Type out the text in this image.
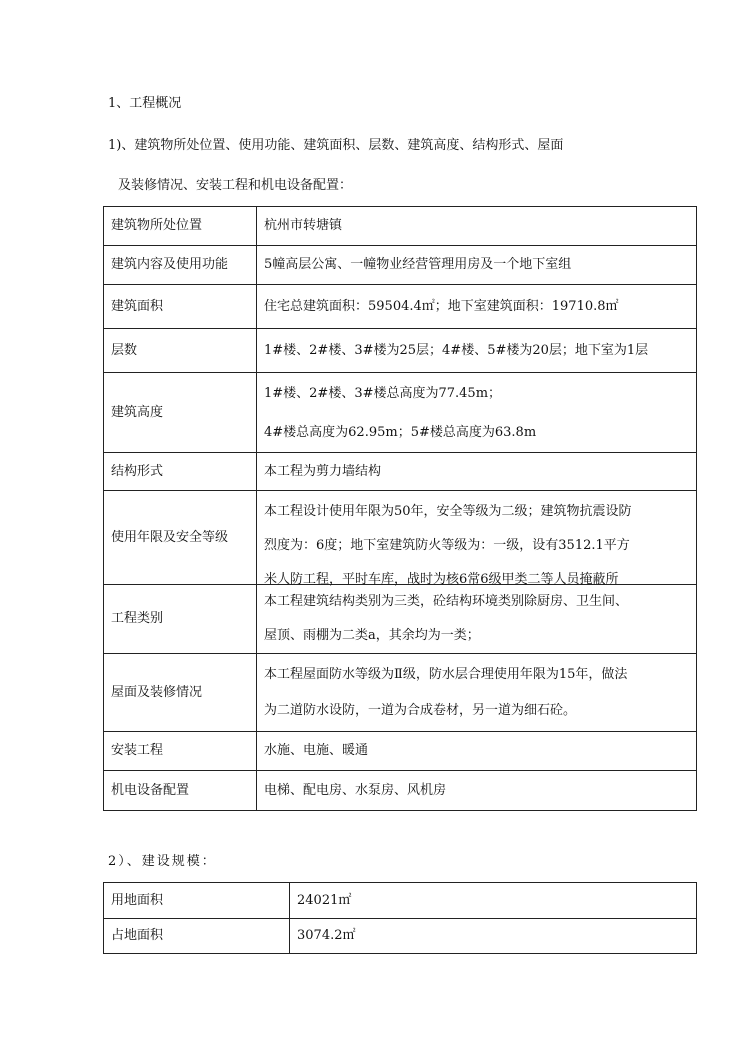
1、工程概况
1)、建筑物所处位置、使用功能、建筑面积、层数、建筑高度、结构形式、屋面
及装修情况、安装工程和机电设备配置：
建筑物所处位置	杭州市转塘镇
建筑内容及使用功能	5幢高层公寓、一幢物业经营管理用房及一个地下室组
建筑面积	住宅总建筑面积：59504.4㎡；地下室建筑面积：19710.8㎡
层数	1#楼、2#楼、3#楼为25层；4#楼、5#楼为20层；地下室为1层
建筑高度	1#楼、2#楼、3#楼总高度为77.45m；
4#楼总高度为62.95m；5#楼总高度为63.8m

结构形式	本工程为剪力墙结构
使用年限及安全等级	本工程设计使用年限为50年，安全等级为二级；建筑物抗震设防
烈度为：6度；地下室建筑防火等级为：一级，设有3512.1平方
米人防工程，平时车库，战时为核6常6级甲类二等人员掩蔽所

工程类别	本工程建筑结构类别为三类，砼结构环境类别除厨房、卫生间、
屋顶、雨棚为二类a，其余均为一类；

屋面及装修情况	本工程屋面防水等级为Ⅱ级，防水层合理使用年限为15年，做法
为二道防水设防，一道为合成卷材，另一道为细石砼。

安装工程	水施、电施、暖通
机电设备配置	电梯、配电房、水泵房、风机房
2）、建设规模：
用地面积	24021㎡
占地面积	3074.2㎡
